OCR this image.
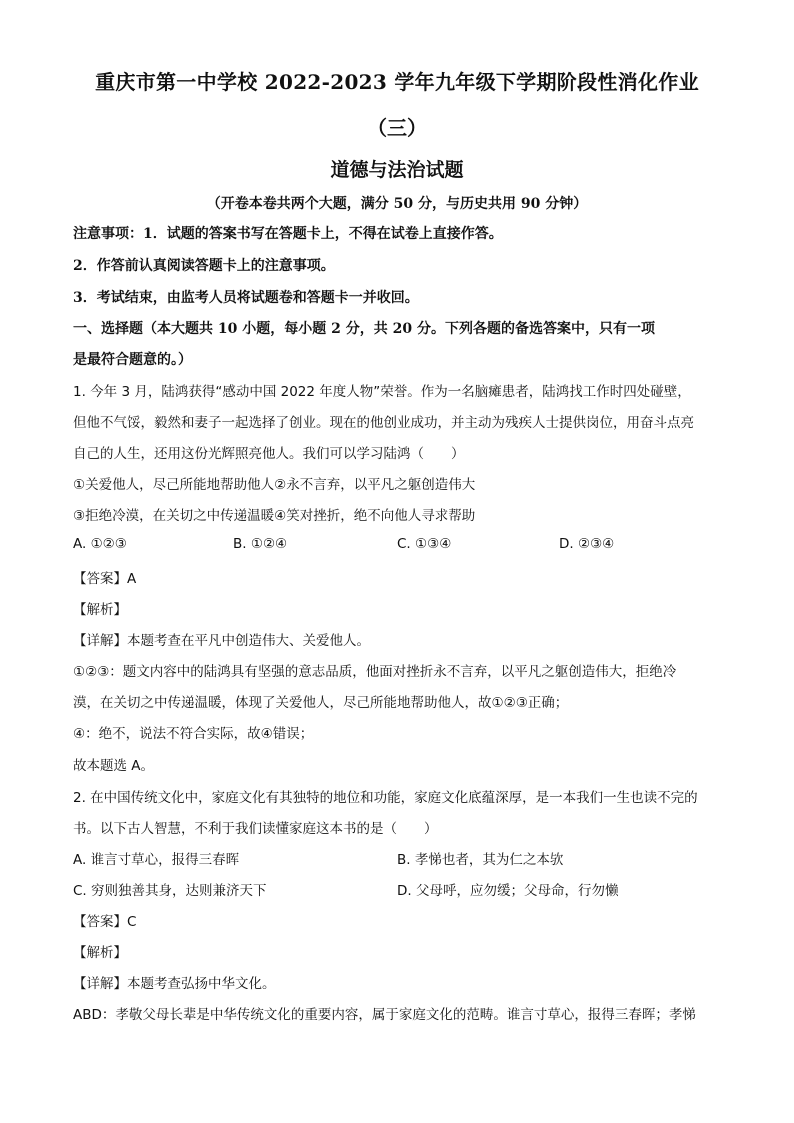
重庆市第一中学校 2022-2023 学年九年级下学期阶段性消化作业
（三）
道德与法治试题
（开卷本卷共两个大题，满分 50 分，与历史共用 90 分钟）
注意事项：1．试题的答案书写在答题卡上，不得在试卷上直接作答。
2．作答前认真阅读答题卡上的注意事项。
3．考试结束，由监考人员将试题卷和答题卡一并收回。
一、选择题（本大题共 10 小题，每小题 2 分，共 20 分。下列各题的备选答案中，只有一项
是最符合题意的。）
1. 今年 3 月，陆鸿获得“感动中国 2022 年度人物”荣誉。作为一名脑瘫患者，陆鸿找工作时四处碰壁，
但他不气馁，毅然和妻子一起选择了创业。现在的他创业成功，并主动为残疾人士提供岗位，用奋斗点亮
自己的人生，还用这份光辉照亮他人。我们可以学习陆鸿（　　）
①关爱他人，尽己所能地帮助他人②永不言弃，以平凡之躯创造伟大
③拒绝冷漠，在关切之中传递温暖④笑对挫折，绝不向他人寻求帮助
A. ①②③	B. ①②④	C. ①③④	D. ②③④
【答案】A
【解析】
【详解】本题考查在平凡中创造伟大、关爱他人。
①②③：题文内容中的陆鸿具有坚强的意志品质，他面对挫折永不言弃，以平凡之躯创造伟大，拒绝冷
漠，在关切之中传递温暖，体现了关爱他人，尽己所能地帮助他人，故①②③正确；
④：绝不，说法不符合实际，故④错误；
故本题选 A。
2. 在中国传统文化中，家庭文化有其独特的地位和功能，家庭文化底蕴深厚，是一本我们一生也读不完的
书。以下古人智慧，不利于我们读懂家庭这本书的是（　　）
A. 谁言寸草心，报得三春晖	B. 孝悌也者，其为仁之本欤
C. 穷则独善其身，达则兼济天下	D. 父母呼，应勿缓；父母命，行勿懒
【答案】C
【解析】
【详解】本题考查弘扬中华文化。
ABD：孝敬父母长辈是中华传统文化的重要内容，属于家庭文化的范畴。谁言寸草心，报得三春晖；孝悌
